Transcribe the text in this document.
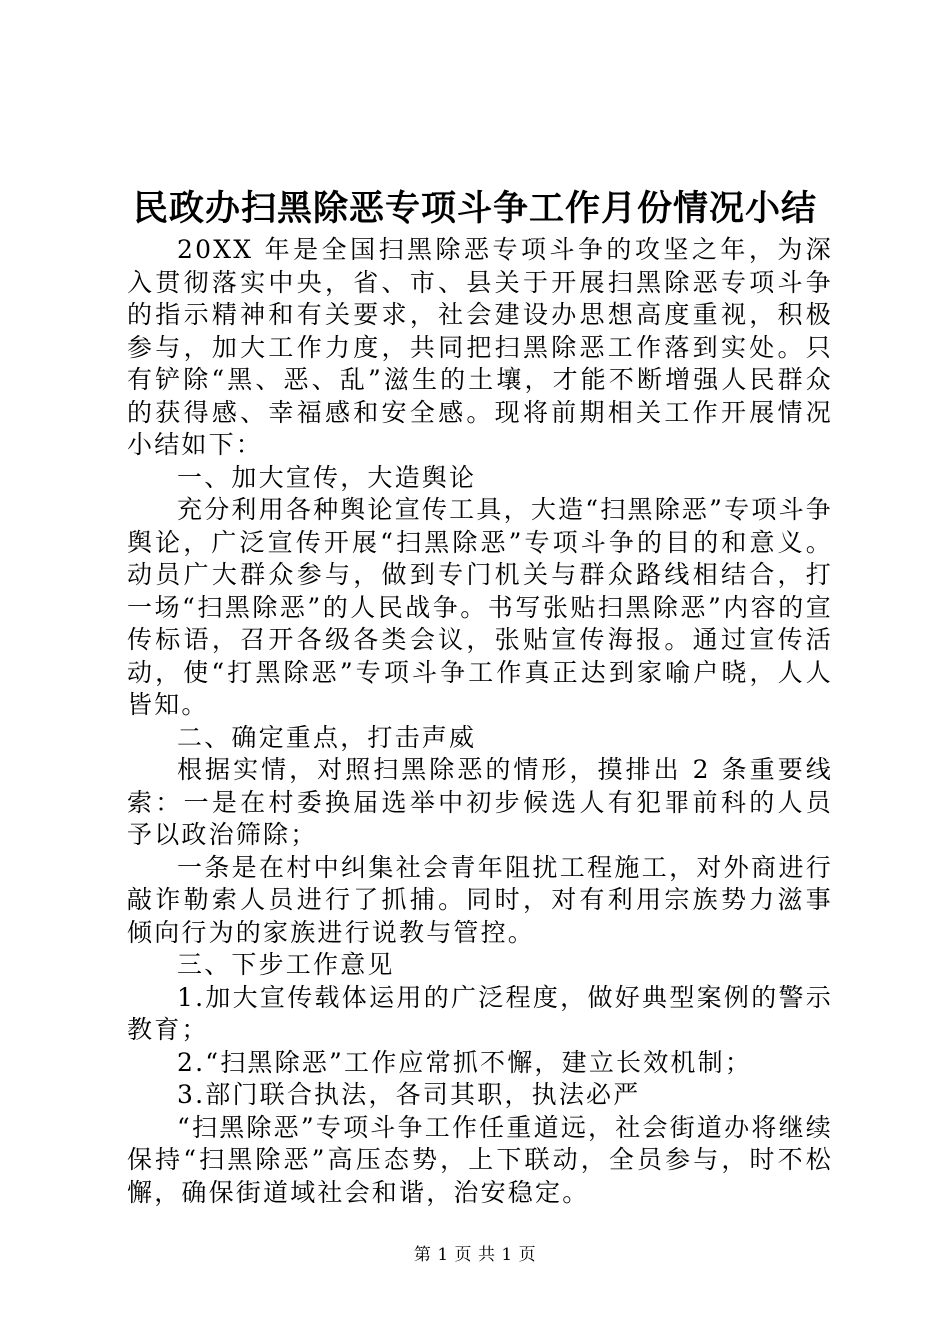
民政办扫黑除恶专项斗争工作月份情况小结

20XX 年是全国扫黑除恶专项斗争的攻坚之年，为深入贯彻落实中央，省、市、县关于开展扫黑除恶专项斗争的指示精神和有关要求，社会建设办思想高度重视，积极参与，加大工作力度，共同把扫黑除恶工作落到实处。只有铲除“黑、恶、乱”滋生的土壤，才能不断增强人民群众的获得感、幸福感和安全感。现将前期相关工作开展情况小结如下：

一、加大宣传，大造舆论

充分利用各种舆论宣传工具，大造“扫黑除恶”专项斗争舆论，广泛宣传开展“扫黑除恶”专项斗争的目的和意义。动员广大群众参与，做到专门机关与群众路线相结合，打一场“扫黑除恶”的人民战争。书写张贴扫黑除恶”内容的宣传标语，召开各级各类会议，张贴宣传海报。通过宣传活动，使“打黑除恶”专项斗争工作真正达到家喻户晓，人人皆知。

二、确定重点，打击声威

根据实情，对照扫黑除恶的情形，摸排出 2 条重要线索：一是在村委换届选举中初步候选人有犯罪前科的人员予以政治筛除；

一条是在村中纠集社会青年阻扰工程施工，对外商进行敲诈勒索人员进行了抓捕。同时，对有利用宗族势力滋事倾向行为的家族进行说教与管控。

三、下步工作意见

1.加大宣传载体运用的广泛程度，做好典型案例的警示教育；

2.“扫黑除恶”工作应常抓不懈，建立长效机制；

3.部门联合执法，各司其职，执法必严

“扫黑除恶”专项斗争工作任重道远，社会街道办将继续保持“扫黑除恶”高压态势，上下联动，全员参与，时不松懈，确保街道域社会和谐，治安稳定。

第 1 页 共 1 页
